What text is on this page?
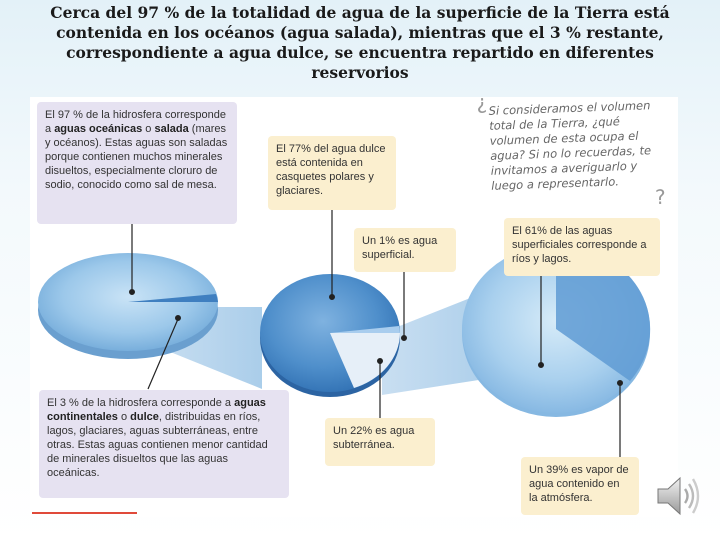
Cerca del 97 % de la totalidad de agua de la superficie de la Tierra está contenida en los océanos (agua salada), mientras que el 3 % restante, correspondiente a agua dulce, se encuentra repartido en diferentes reservorios
El 97 % de la hidrosfera corresponde a aguas oceánicas o salada (mares y océanos). Estas aguas son saladas porque contienen muchos minerales disueltos, especialmente cloruro de sodio, conocido como sal de mesa.
El 77% del agua dulce está contenida en casquetes polares y glaciares.
Un 1% es agua superficial.
El 61% de las aguas superficiales corresponde a ríos y lagos.
El 3 % de la hidrosfera corresponde a aguas continentales o dulce, distribuidas en ríos, lagos, glaciares, aguas subterráneas, entre otras. Estas aguas contienen menor cantidad de minerales disueltos que las aguas oceánicas.
Un 22% es agua subterránea.
Un 39% es vapor de agua contenido en la atmósfera.
¿ Si consideramos el volumen total de la Tierra, ¿qué volumen de esta ocupa el agua? Si no lo recuerdas, te invitamos a averiguarlo y luego a representarlo.
?
